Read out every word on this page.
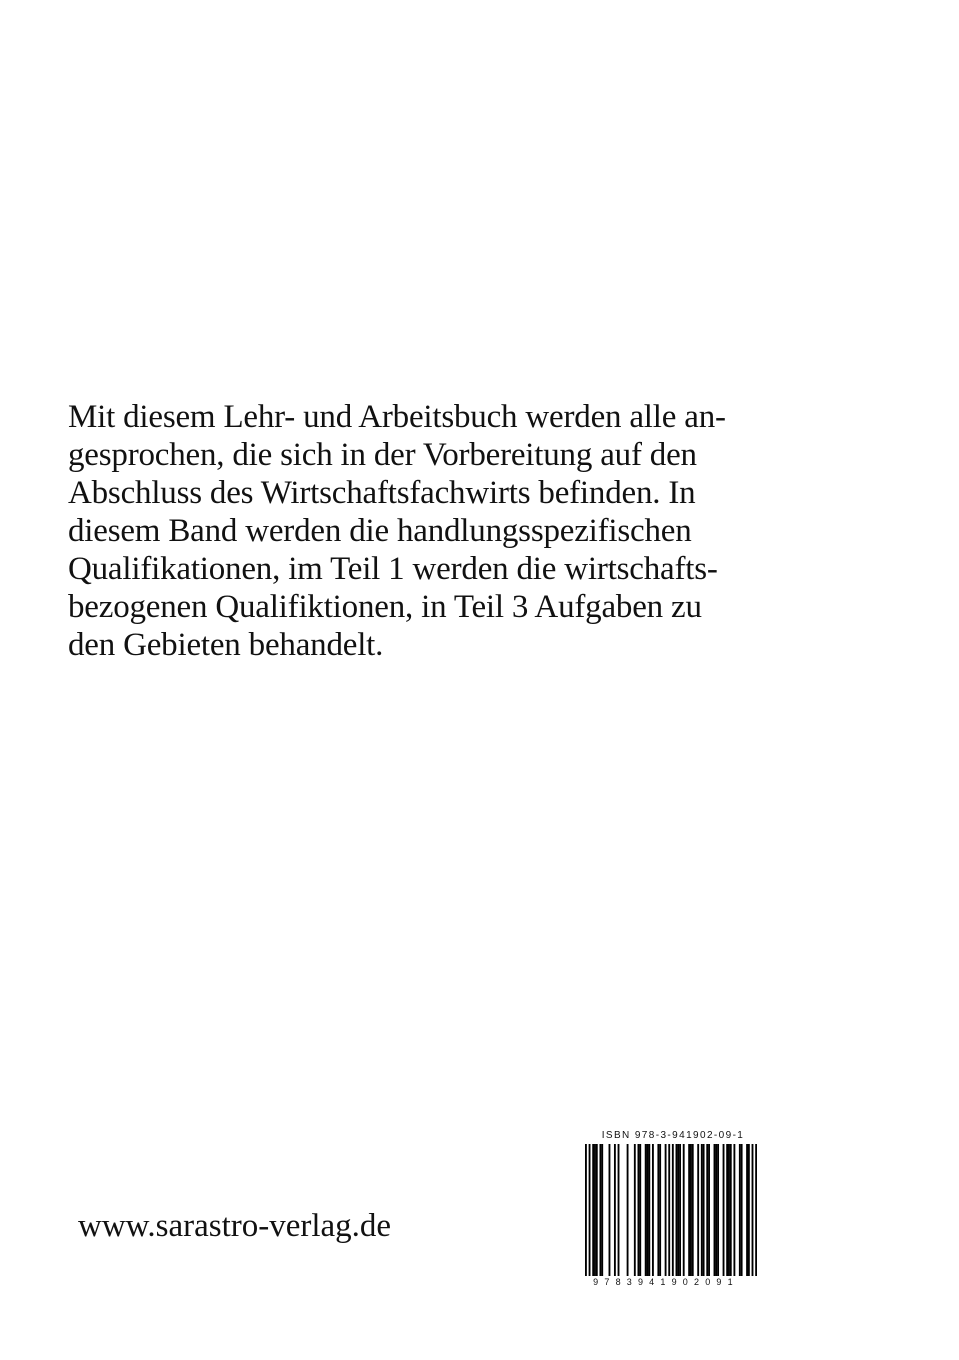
Mit diesem Lehr- und Arbeitsbuch werden alle an-
gesprochen, die sich in der Vorbereitung auf den
Abschluss des Wirtschaftsfachwirts befinden. In
diesem Band werden die handlungsspezifischen
Qualifikationen, im Teil 1 werden die wirtschafts-
bezogenen Qualifiktionen, in Teil 3 Aufgaben zu
den Gebieten behandelt.

www.sarastro-verlag.de
ISBN 978-3-941902-09-1
9783941902091
